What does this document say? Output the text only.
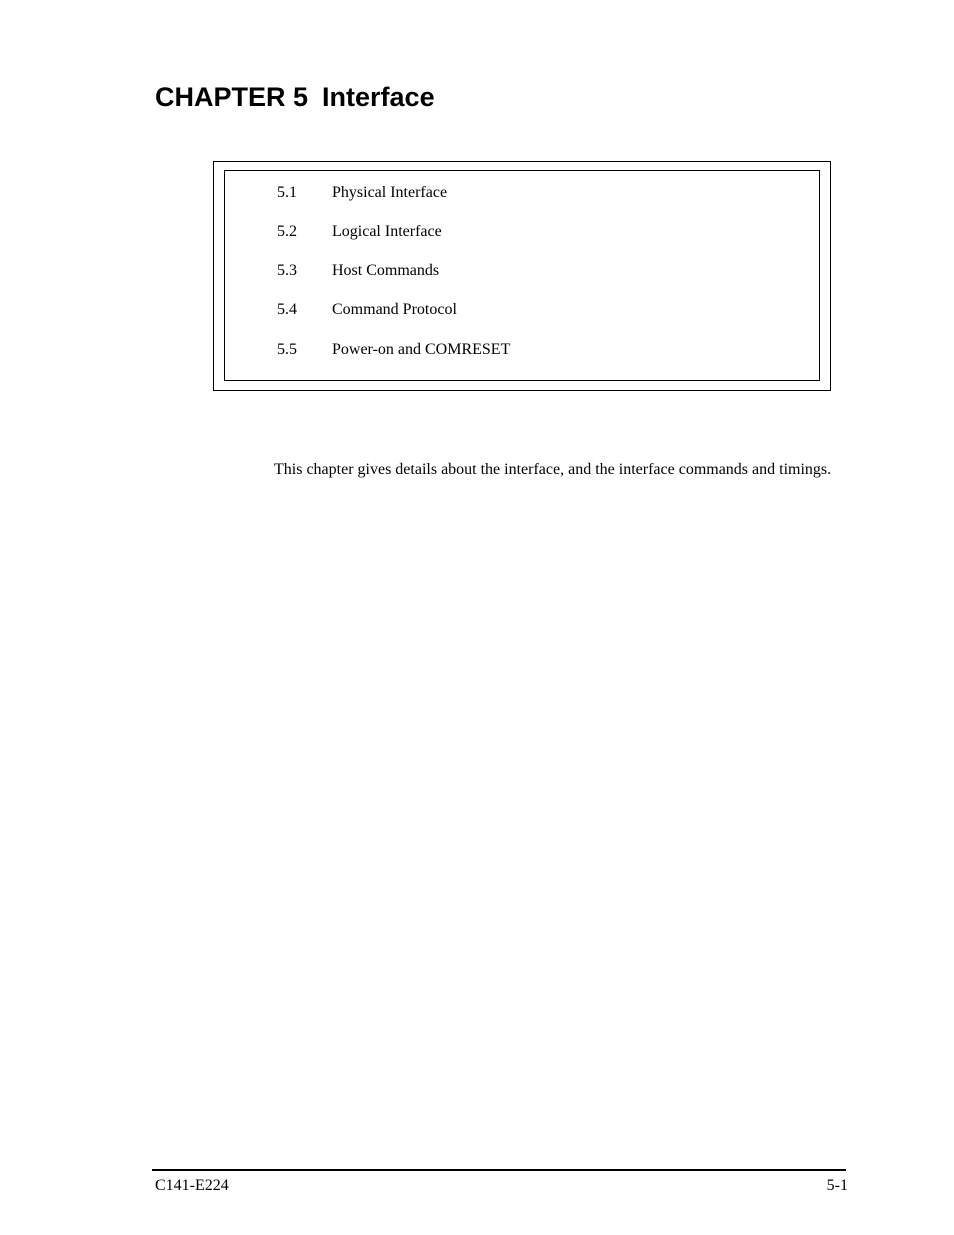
CHAPTER 5 Interface
5.1 Physical Interface
5.2 Logical Interface
5.3 Host Commands
5.4 Command Protocol
5.5 Power-on and COMRESET

This chapter gives details about the interface, and the interface commands and timings.

C141-E224	5-1
